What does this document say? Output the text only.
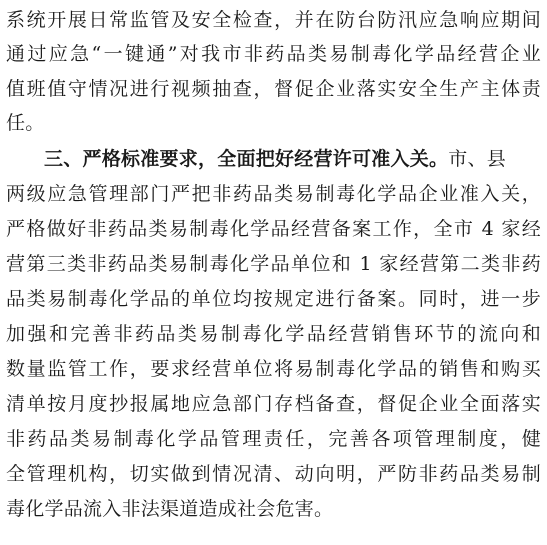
系统开展日常监管及安全检查，并在防台防汛应急响应期间
通过应急“一键通”对我市非药品类易制毒化学品经营企业
值班值守情况进行视频抽查，督促企业落实安全生产主体责
任。
三、严格标准要求，全面把好经营许可准入关。市、县
两级应急管理部门严把非药品类易制毒化学品企业准入关，
严格做好非药品类易制毒化学品经营备案工作，全市 4 家经
营第三类非药品类易制毒化学品单位和 1 家经营第二类非药
品类易制毒化学品的单位均按规定进行备案。同时，进一步
加强和完善非药品类易制毒化学品经营销售环节的流向和
数量监管工作，要求经营单位将易制毒化学品的销售和购买
清单按月度抄报属地应急部门存档备查，督促企业全面落实
非药品类易制毒化学品管理责任，完善各项管理制度，健
全管理机构，切实做到情况清、动向明，严防非药品类易制
毒化学品流入非法渠道造成社会危害。
